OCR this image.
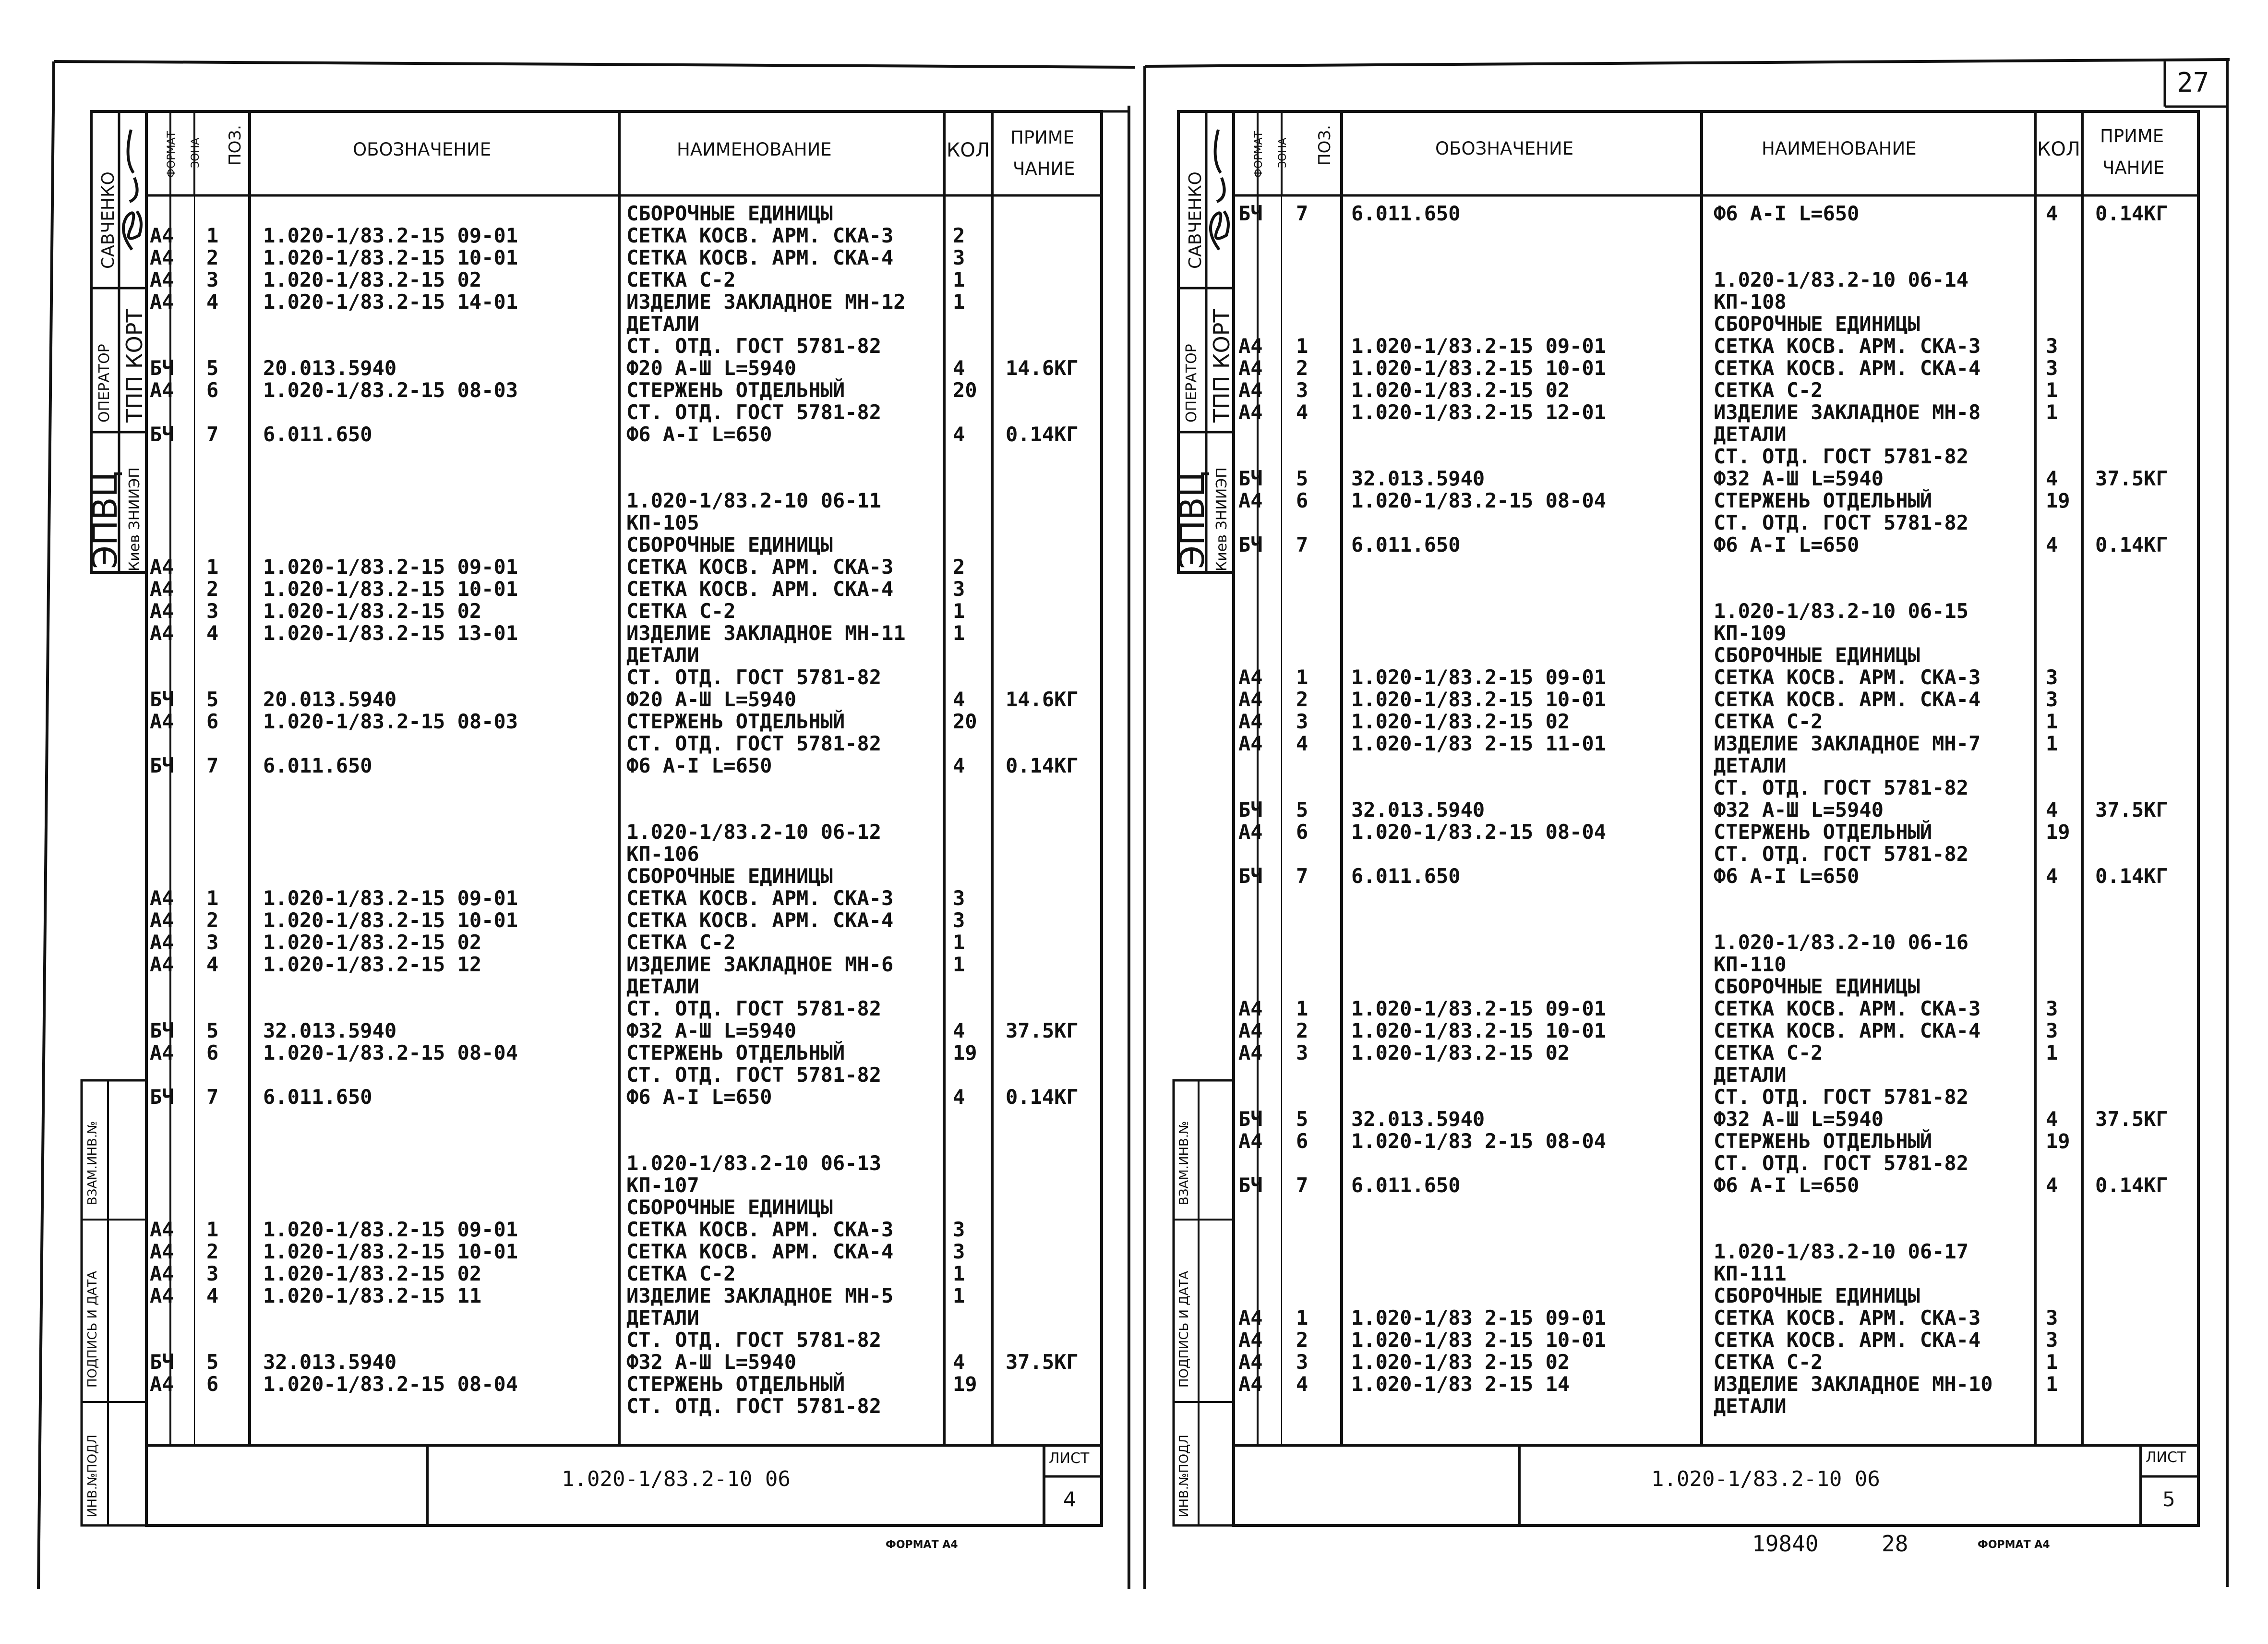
ФОРМАТ ЗОНА ПОЗ.	ОБОЗНАЧЕНИЕ	НАИМЕНОВАНИЕ	КОЛ
ПРИМЕ
ЧАНИЕ
САВЧЕНКО
ОПЕРАТОР ТПП КОРТ
ЭПВЦ Киев ЗНИИЭП
ВЗАМ.ИНВ.№
ПОДПИСЬ И ДАТА
ИНВ.№ПОДЛ
СБОРОЧНЫЕ ЕДИНИЦЫ
А4 1 1.020-1/83.2-15 09-01	СЕТКА КОСВ. АРМ. СКА-3	2
А4 2 1.020-1/83.2-15 10-01	СЕТКА КОСВ. АРМ. СКА-4	3
А4 3 1.020-1/83.2-15 02	СЕТКА С-2	1
А4 4 1.020-1/83.2-15 14-01	ИЗДЕЛИЕ ЗАКЛАДНОЕ МН-12 1
ДЕТАЛИ
СТ. ОТД. ГОСТ 5781-82
БЧ 5 20.013.5940	Ф20 А-Ш L=5940	4 14.6КГ
А4 6 1.020-1/83.2-15 08-03	СТЕРЖЕНЬ ОТДЕЛЬНЫЙ	20
СТ. ОТД. ГОСТ 5781-82
БЧ 7 6.011.650	Ф6 А-I L=650	4 0.14КГ
1.020-1/83.2-10 06-11
КП-105
СБОРОЧНЫЕ ЕДИНИЦЫ
А4 1 1.020-1/83.2-15 09-01	СЕТКА КОСВ. АРМ. СКА-3	2
А4 2 1.020-1/83.2-15 10-01	СЕТКА КОСВ. АРМ. СКА-4	3
А4 3 1.020-1/83.2-15 02	СЕТКА С-2	1
А4 4 1.020-1/83.2-15 13-01	ИЗДЕЛИЕ ЗАКЛАДНОЕ МН-11 1
ДЕТАЛИ
СТ. ОТД. ГОСТ 5781-82
БЧ 5 20.013.5940	Ф20 А-Ш L=5940	4 14.6КГ
А4 6 1.020-1/83.2-15 08-03	СТЕРЖЕНЬ ОТДЕЛЬНЫЙ	20
СТ. ОТД. ГОСТ 5781-82
БЧ 7 6.011.650	Ф6 А-I L=650	4 0.14КГ
1.020-1/83.2-10 06-12
КП-106
СБОРОЧНЫЕ ЕДИНИЦЫ
А4 1 1.020-1/83.2-15 09-01	СЕТКА КОСВ. АРМ. СКА-3	3
А4 2 1.020-1/83.2-15 10-01	СЕТКА КОСВ. АРМ. СКА-4	3
А4 3 1.020-1/83.2-15 02	СЕТКА С-2	1
А4 4 1.020-1/83.2-15 12	ИЗДЕЛИЕ ЗАКЛАДНОЕ МН-6	1
ДЕТАЛИ
СТ. ОТД. ГОСТ 5781-82
БЧ 5 32.013.5940	Ф32 А-Ш L=5940	4 37.5КГ
А4 6 1.020-1/83.2-15 08-04	СТЕРЖЕНЬ ОТДЕЛЬНЫЙ	19
СТ. ОТД. ГОСТ 5781-82
БЧ 7 6.011.650	Ф6 А-I L=650	4 0.14КГ
1.020-1/83.2-10 06-13
КП-107
СБОРОЧНЫЕ ЕДИНИЦЫ
А4 1 1.020-1/83.2-15 09-01	СЕТКА КОСВ. АРМ. СКА-3	3
А4 2 1.020-1/83.2-15 10-01	СЕТКА КОСВ. АРМ. СКА-4	3
А4 3 1.020-1/83.2-15 02	СЕТКА С-2	1
А4 4 1.020-1/83.2-15 11	ИЗДЕЛИЕ ЗАКЛАДНОЕ МН-5	1
ДЕТАЛИ
СТ. ОТД. ГОСТ 5781-82
БЧ 5 32.013.5940	Ф32 А-Ш L=5940	4 37.5КГ
А4 6 1.020-1/83.2-15 08-04	СТЕРЖЕНЬ ОТДЕЛЬНЫЙ	19
СТ. ОТД. ГОСТ 5781-82
1.020-1/83.2-10 06
ЛИСТ
4
ФОРМАТ А4
27
ФОРМАТ ЗОНА ПОЗ.	ОБОЗНАЧЕНИЕ	НАИМЕНОВАНИЕ	КОЛ
ПРИМЕ
ЧАНИЕ
САВЧЕНКО
ОПЕРАТОР ТПП КОРТ
ЭПВЦ Киев ЗНИИЭП
ВЗАМ.ИНВ.№
ПОДПИСЬ И ДАТА
ИНВ.№ПОДЛ
БЧ 7 6.011.650	Ф6 А-I L=650	4 0.14КГ
1.020-1/83.2-10 06-14
КП-108
СБОРОЧНЫЕ ЕДИНИЦЫ
А4 1 1.020-1/83.2-15 09-01	СЕТКА КОСВ. АРМ. СКА-3	3
А4 2 1.020-1/83.2-15 10-01	СЕТКА КОСВ. АРМ. СКА-4	3
А4 3 1.020-1/83.2-15 02	СЕТКА С-2	1
А4 4 1.020-1/83.2-15 12-01	ИЗДЕЛИЕ ЗАКЛАДНОЕ МН-8	1
ДЕТАЛИ
СТ. ОТД. ГОСТ 5781-82
БЧ 5 32.013.5940	Ф32 А-Ш L=5940	4 37.5КГ
А4 6 1.020-1/83.2-15 08-04	СТЕРЖЕНЬ ОТДЕЛЬНЫЙ	19
СТ. ОТД. ГОСТ 5781-82
БЧ 7 6.011.650	Ф6 А-I L=650	4 0.14КГ
1.020-1/83.2-10 06-15
КП-109
СБОРОЧНЫЕ ЕДИНИЦЫ
А4 1 1.020-1/83.2-15 09-01	СЕТКА КОСВ. АРМ. СКА-3	3
А4 2 1.020-1/83.2-15 10-01	СЕТКА КОСВ. АРМ. СКА-4	3
А4 3 1.020-1/83.2-15 02	СЕТКА С-2	1
А4 4 1.020-1/83 2-15 11-01	ИЗДЕЛИЕ ЗАКЛАДНОЕ МН-7	1
ДЕТАЛИ
СТ. ОТД. ГОСТ 5781-82
БЧ 5 32.013.5940	Ф32 А-Ш L=5940	4 37.5КГ
А4 6 1.020-1/83.2-15 08-04	СТЕРЖЕНЬ ОТДЕЛЬНЫЙ	19
СТ. ОТД. ГОСТ 5781-82
БЧ 7 6.011.650	Ф6 А-I L=650	4 0.14КГ
1.020-1/83.2-10 06-16
КП-110
СБОРОЧНЫЕ ЕДИНИЦЫ
А4 1 1.020-1/83.2-15 09-01	СЕТКА КОСВ. АРМ. СКА-3	3
А4 2 1.020-1/83.2-15 10-01	СЕТКА КОСВ. АРМ. СКА-4	3
А4 3 1.020-1/83.2-15 02	СЕТКА С-2	1
ДЕТАЛИ
СТ. ОТД. ГОСТ 5781-82
БЧ 5 32.013.5940	Ф32 А-Ш L=5940	4 37.5КГ
А4 6 1.020-1/83 2-15 08-04	СТЕРЖЕНЬ ОТДЕЛЬНЫЙ	19
СТ. ОТД. ГОСТ 5781-82
БЧ 7 6.011.650	Ф6 А-I L=650	4 0.14КГ
1.020-1/83.2-10 06-17
КП-111
СБОРОЧНЫЕ ЕДИНИЦЫ
А4 1 1.020-1/83 2-15 09-01	СЕТКА КОСВ. АРМ. СКА-3	3
А4 2 1.020-1/83 2-15 10-01	СЕТКА КОСВ. АРМ. СКА-4	3
А4 3 1.020-1/83 2-15 02	СЕТКА С-2	1
А4 4 1.020-1/83 2-15 14	ИЗДЕЛИЕ ЗАКЛАДНОЕ МН-10	1
ДЕТАЛИ
1.020-1/83.2-10 06
ЛИСТ
5
19840	28	ФОРМАТ А4
